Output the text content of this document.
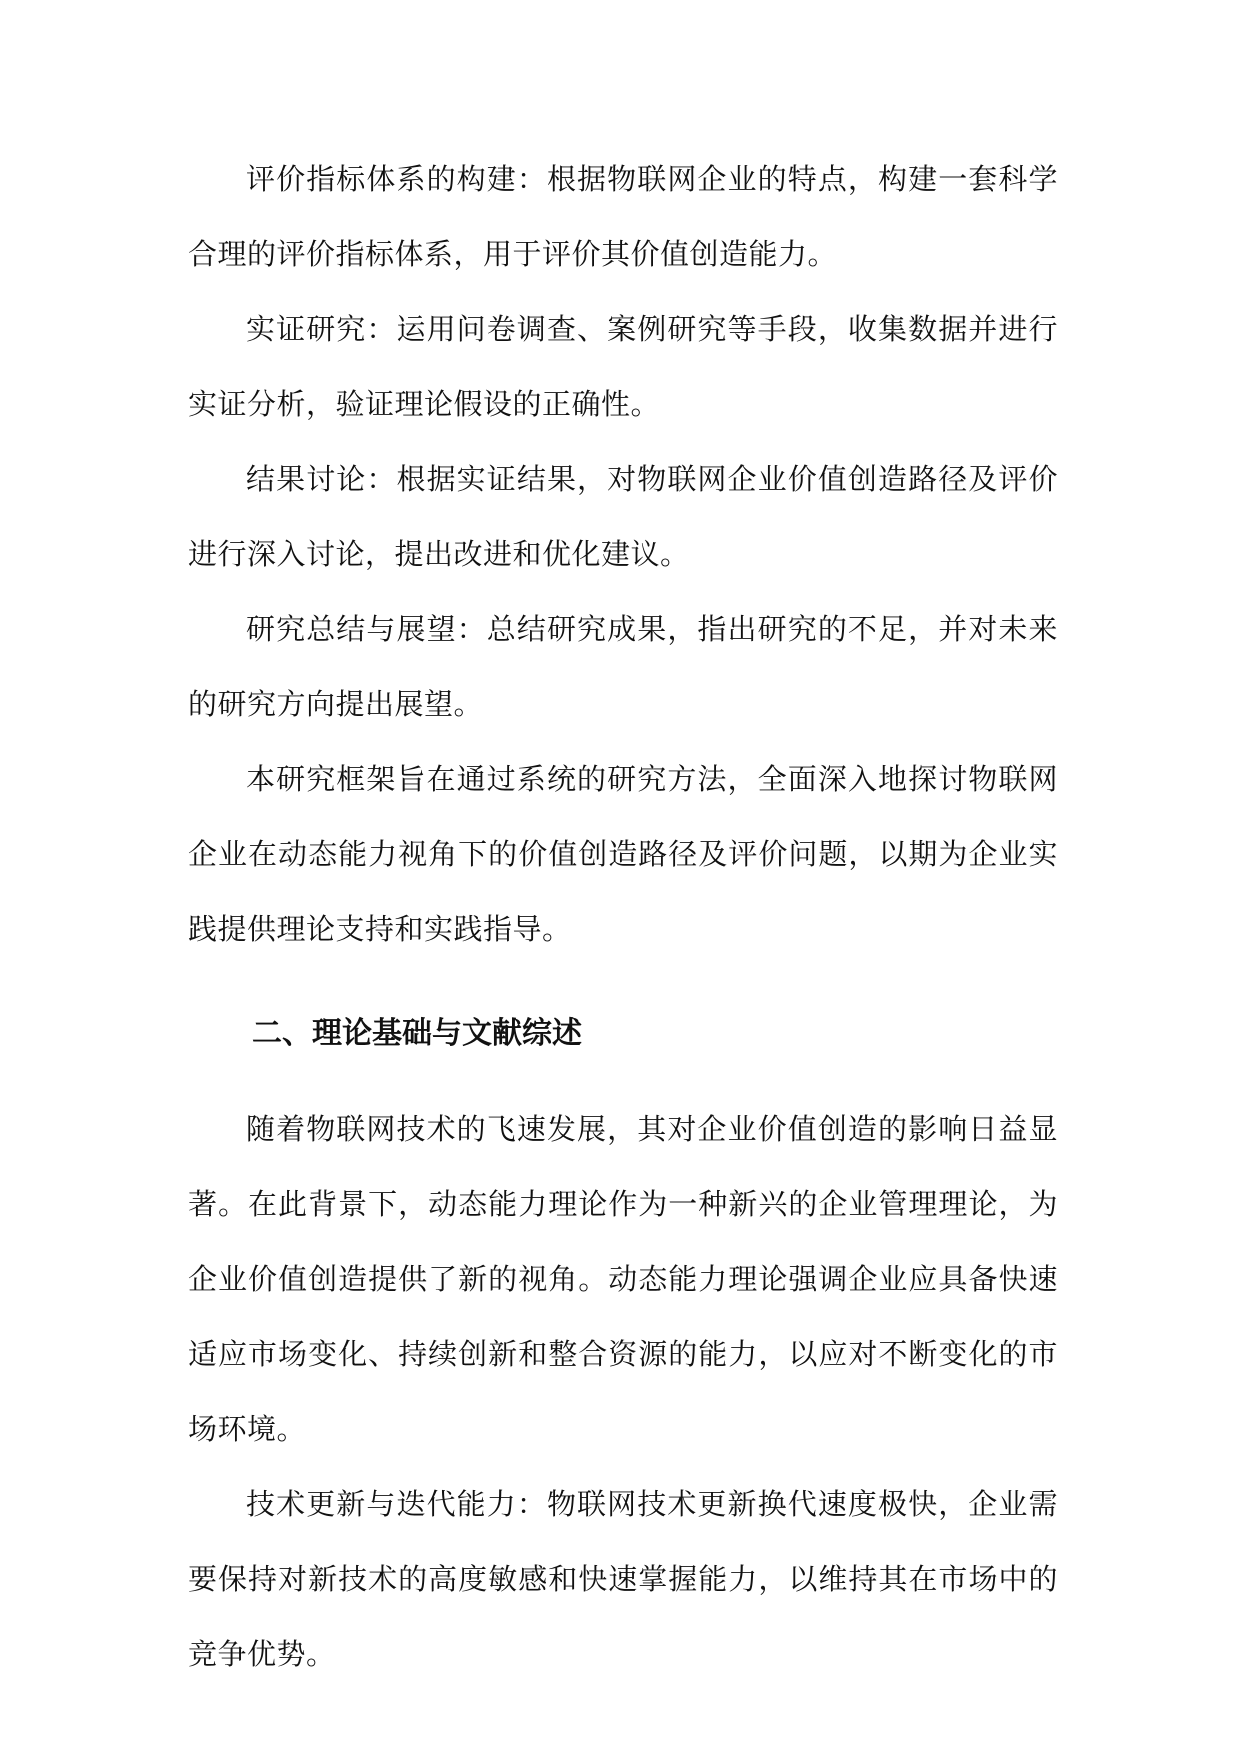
评价指标体系的构建：根据物联网企业的特点，构建一套科学合理的评价指标体系，用于评价其价值创造能力。

实证研究：运用问卷调查、案例研究等手段，收集数据并进行实证分析，验证理论假设的正确性。

结果讨论：根据实证结果，对物联网企业价值创造路径及评价进行深入讨论，提出改进和优化建议。

研究总结与展望：总结研究成果，指出研究的不足，并对未来的研究方向提出展望。

本研究框架旨在通过系统的研究方法，全面深入地探讨物联网企业在动态能力视角下的价值创造路径及评价问题，以期为企业实践提供理论支持和实践指导。

二、理论基础与文献综述

随着物联网技术的飞速发展，其对企业价值创造的影响日益显著。在此背景下，动态能力理论作为一种新兴的企业管理理论，为企业价值创造提供了新的视角。动态能力理论强调企业应具备快速适应市场变化、持续创新和整合资源的能力，以应对不断变化的市场环境。

技术更新与迭代能力：物联网技术更新换代速度极快，企业需要保持对新技术的高度敏感和快速掌握能力，以维持其在市场中的竞争优势。
